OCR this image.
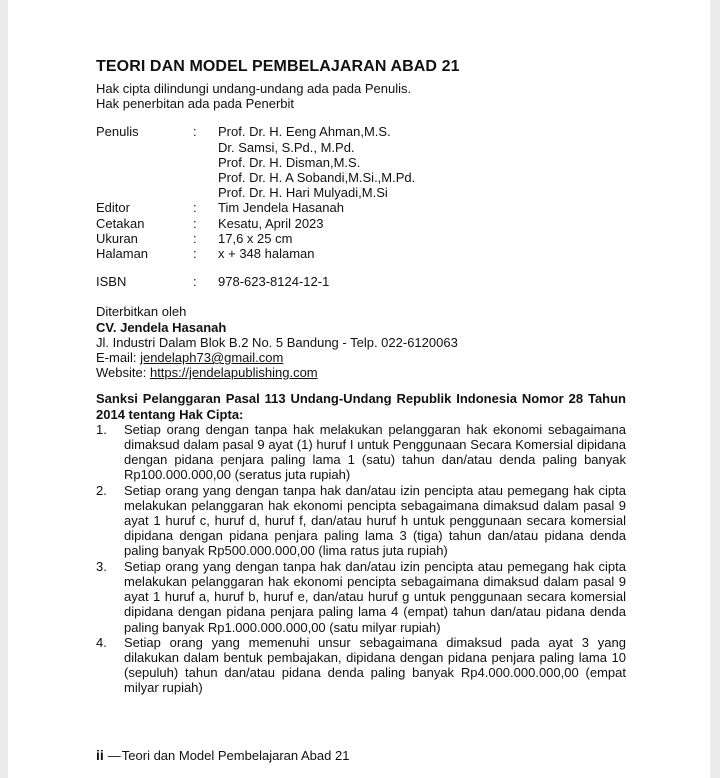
TEORI DAN MODEL PEMBELAJARAN ABAD 21

Hak cipta dilindungi undang-undang ada pada Penulis.

Hak penerbitan ada pada Penerbit

Penulis	:	Prof. Dr. H. Eeng Ahman,M.S.
Dr. Samsi, S.Pd., M.Pd.
Prof. Dr. H. Disman,M.S.
Prof. Dr. H. A Sobandi,M.Si.,M.Pd.
Prof. Dr. H. Hari Mulyadi,M.Si
Editor	:	Tim Jendela Hasanah
Cetakan	:	Kesatu, April 2023
Ukuran	:	17,6 x 25 cm
Halaman	:	x + 348 halaman
ISBN	:	978-623-8124-12-1

Diterbitkan oleh

CV. Jendela Hasanah

Jl. Industri Dalam Blok B.2 No. 5 Bandung - Telp. 022-6120063

E-mail: jendelaph73@gmail.com

Website: https://jendelapublishing.com

Sanksi Pelanggaran Pasal 113 Undang-Undang Republik Indonesia Nomor 28 Tahun 2014 tentang Hak Cipta:

1.	Setiap orang dengan tanpa hak melakukan pelanggaran hak ekonomi sebagaimana dimaksud dalam pasal 9 ayat (1) huruf I untuk Penggunaan Secara Komersial dipidana dengan pidana penjara paling lama 1 (satu) tahun dan/atau denda paling banyak Rp100.000.000,00 (seratus juta rupiah)
2.	Setiap orang yang dengan tanpa hak dan/atau izin pencipta atau pemegang hak cipta melakukan pelanggaran hak ekonomi pencipta sebagaimana dimaksud dalam pasal 9 ayat 1 huruf c, huruf d, huruf f, dan/atau huruf h untuk penggunaan secara komersial dipidana dengan pidana penjara paling lama 3 (tiga) tahun dan/atau pidana denda paling banyak Rp500.000.000,00 (lima ratus juta rupiah)
3.	Setiap orang yang dengan tanpa hak dan/atau izin pencipta atau pemegang hak cipta melakukan pelanggaran hak ekonomi pencipta sebagaimana dimaksud dalam pasal 9 ayat 1 huruf a, huruf b, huruf e, dan/atau huruf g untuk penggunaan secara komersial dipidana dengan pidana penjara paling lama 4 (empat) tahun dan/atau pidana denda paling banyak Rp1.000.000.000,00 (satu milyar rupiah)
4.	Setiap orang yang memenuhi unsur sebagaimana dimaksud pada ayat 3 yang dilakukan dalam bentuk pembajakan, dipidana dengan pidana penjara paling lama 10 (sepuluh) tahun dan/atau pidana denda paling banyak Rp4.000.000.000,00 (empat milyar rupiah)
ii —Teori dan Model Pembelajaran Abad 21
